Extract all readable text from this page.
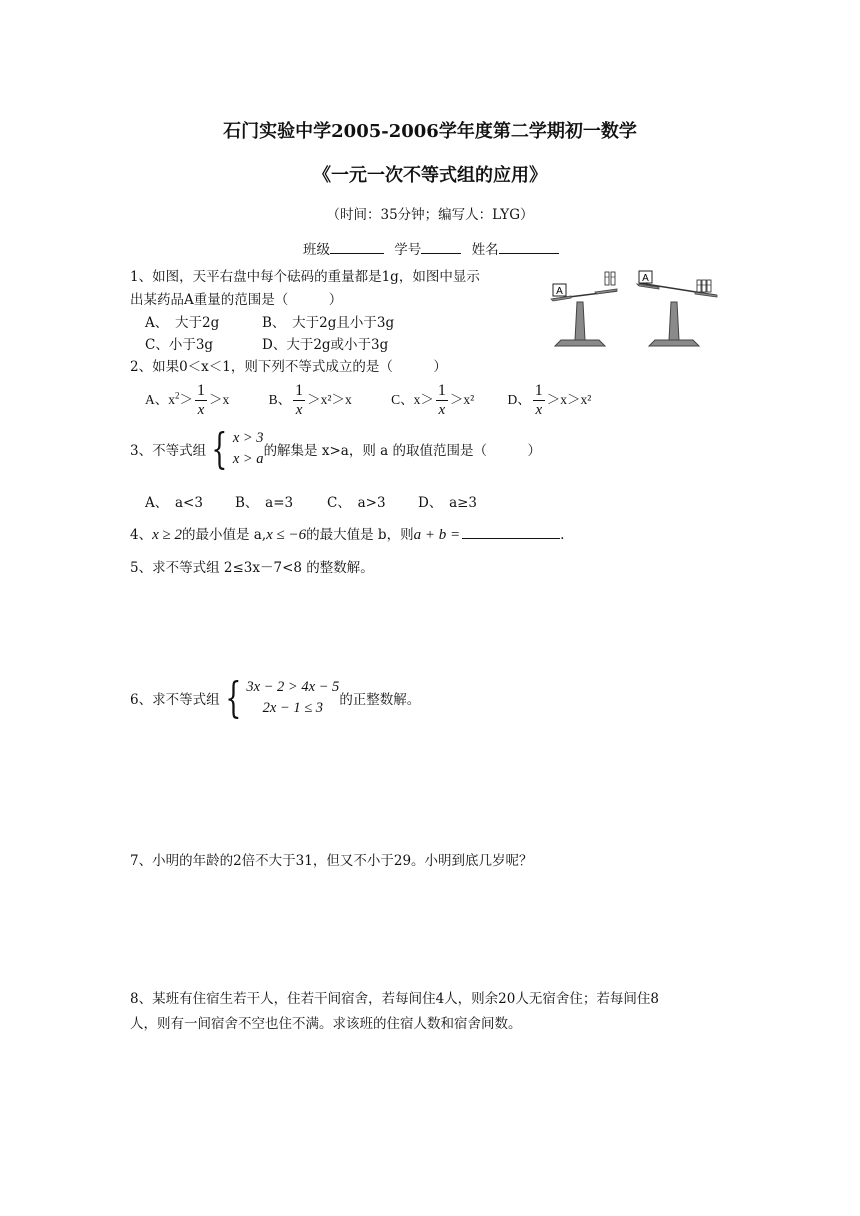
石门实验中学2005-2006学年度第二学期初一数学
《一元一次不等式组的应用》
（时间：35分钟；编写人：LYG）
班级	学号	姓名
1、如图，天平右盘中每个砝码的重量都是1g，如图中显示
出某药品A重量的范围是（　　　）
A、　大于2g	B、　大于2g且小于3g
C、小于3g	D、大于2g或小于3g
A
A
2、如果0＜x＜1，则下列不等式成立的是（　　　）
A、$x^2> \frac{1}{x} >x$	B、 $\frac{1}{x} >x^2>x$	C、$x> \frac{1}{x} >x^2$ D、 $\frac{1}{x} >x>x^2$
3、不等式组 { x > 3
x > a 的解集是 x>a，则 a 的取值范围是（　　　）
A、　a<3 B、　a=3	C、　a>3 D、　a≥3
4、x ≥ 2的最小值是 a,x ≤ −6的最大值是 b，则a + b =	.
5、求不等式组 2≤3x－7<8 的整数解。
6、求不等式组 { 3x − 2 > 4x − 5
2x − 1 ≤ 3	的正整数解。
7、小明的年龄的2倍不大于31，但又不小于29。小明到底几岁呢？
8、某班有住宿生若干人，住若干间宿舍，若每间住4人，则余20人无宿舍住；若每间住8
人，则有一间宿舍不空也住不满。求该班的住宿人数和宿舍间数。
